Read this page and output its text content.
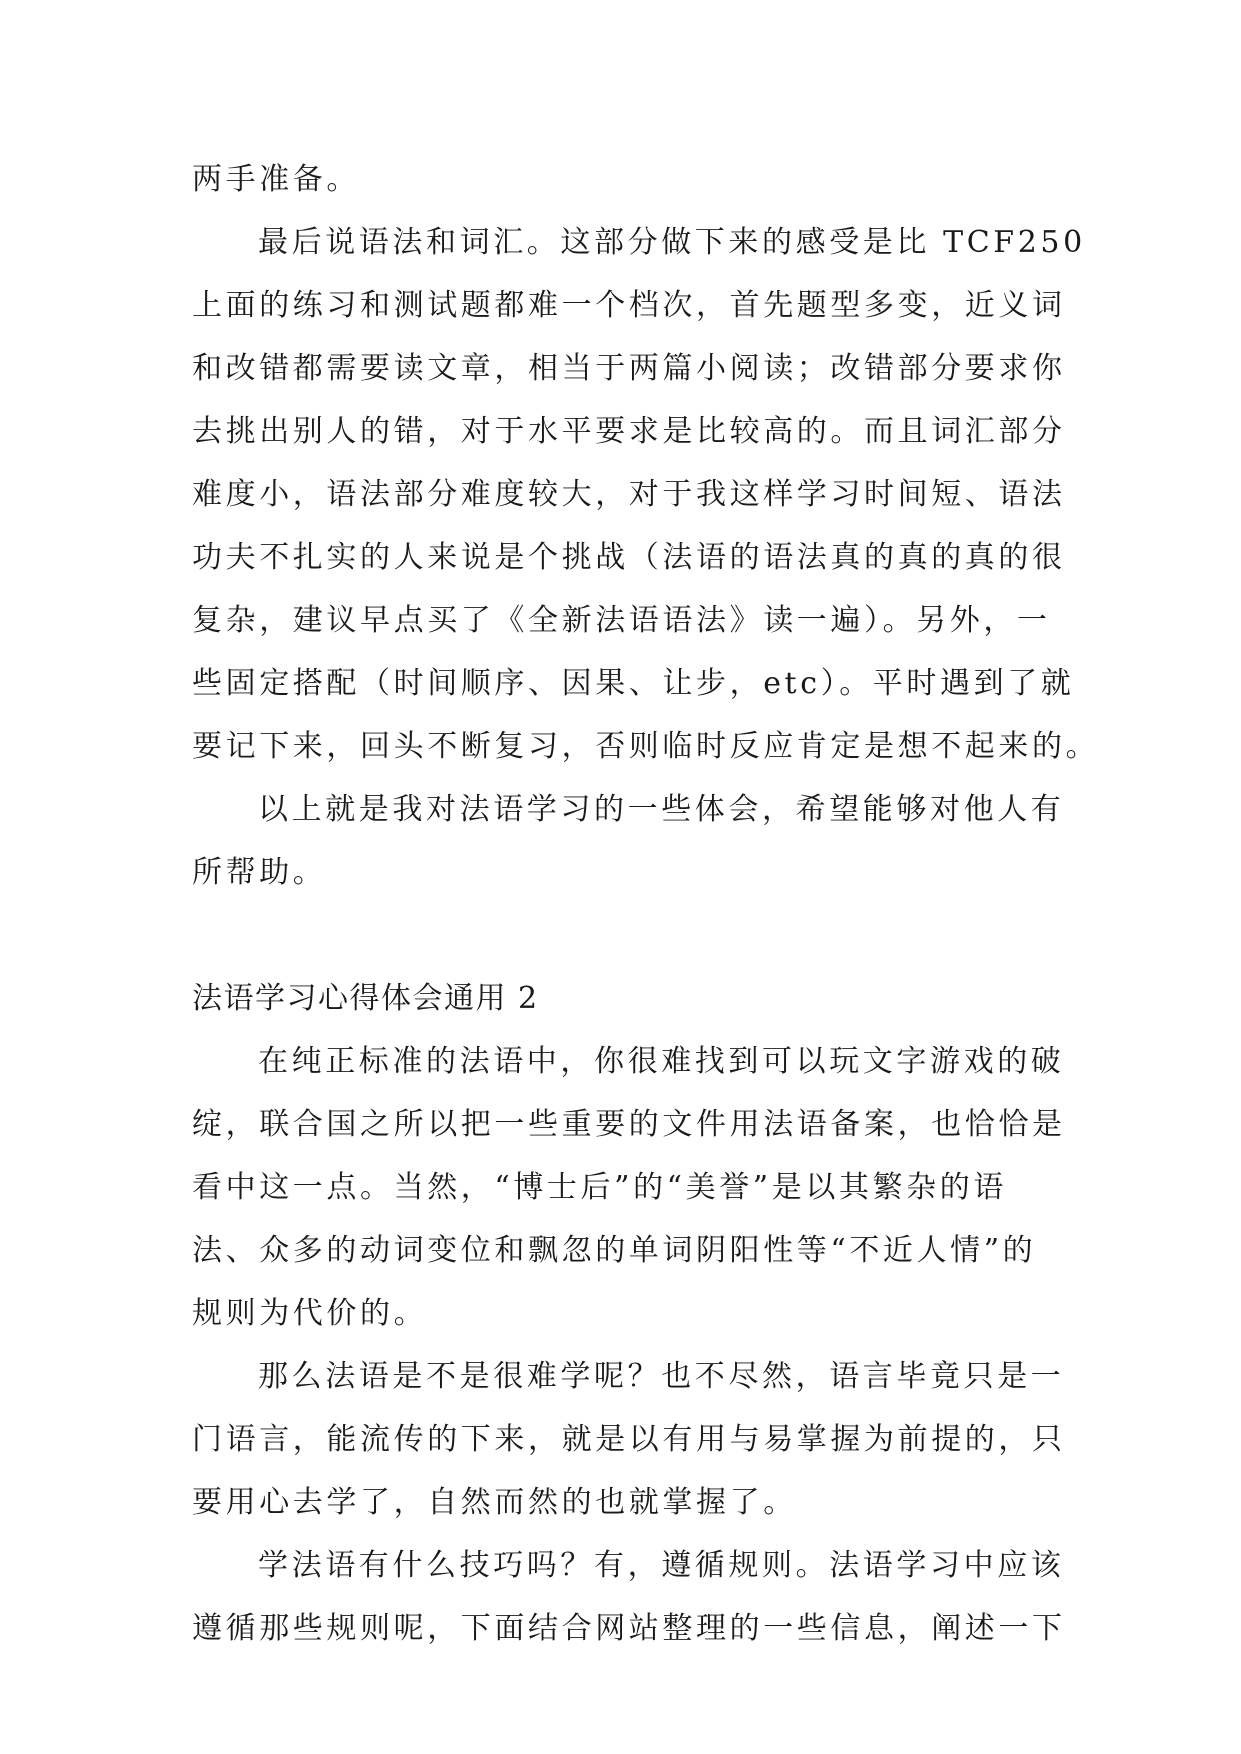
两手准备。
最后说语法和词汇。这部分做下来的感受是比 TCF250
上面的练习和测试题都难一个档次，首先题型多变，近义词
和改错都需要读文章，相当于两篇小阅读；改错部分要求你
去挑出别人的错，对于水平要求是比较高的。而且词汇部分
难度小，语法部分难度较大，对于我这样学习时间短、语法
功夫不扎实的人来说是个挑战（法语的语法真的真的真的很
复杂，建议早点买了《全新法语语法》读一遍）。另外，一
些固定搭配（时间顺序、因果、让步，etc）。平时遇到了就
要记下来，回头不断复习，否则临时反应肯定是想不起来的。
以上就是我对法语学习的一些体会，希望能够对他人有
所帮助。
法语学习心得体会通用 2
在纯正标准的法语中，你很难找到可以玩文字游戏的破
绽，联合国之所以把一些重要的文件用法语备案，也恰恰是
看中这一点。当然，“博士后”的“美誉”是以其繁杂的语
法、众多的动词变位和飘忽的单词阴阳性等“不近人情”的
规则为代价的。
那么法语是不是很难学呢？也不尽然，语言毕竟只是一
门语言，能流传的下来，就是以有用与易掌握为前提的，只
要用心去学了，自然而然的也就掌握了。
学法语有什么技巧吗？有，遵循规则。法语学习中应该
遵循那些规则呢，下面结合网站整理的一些信息，阐述一下
